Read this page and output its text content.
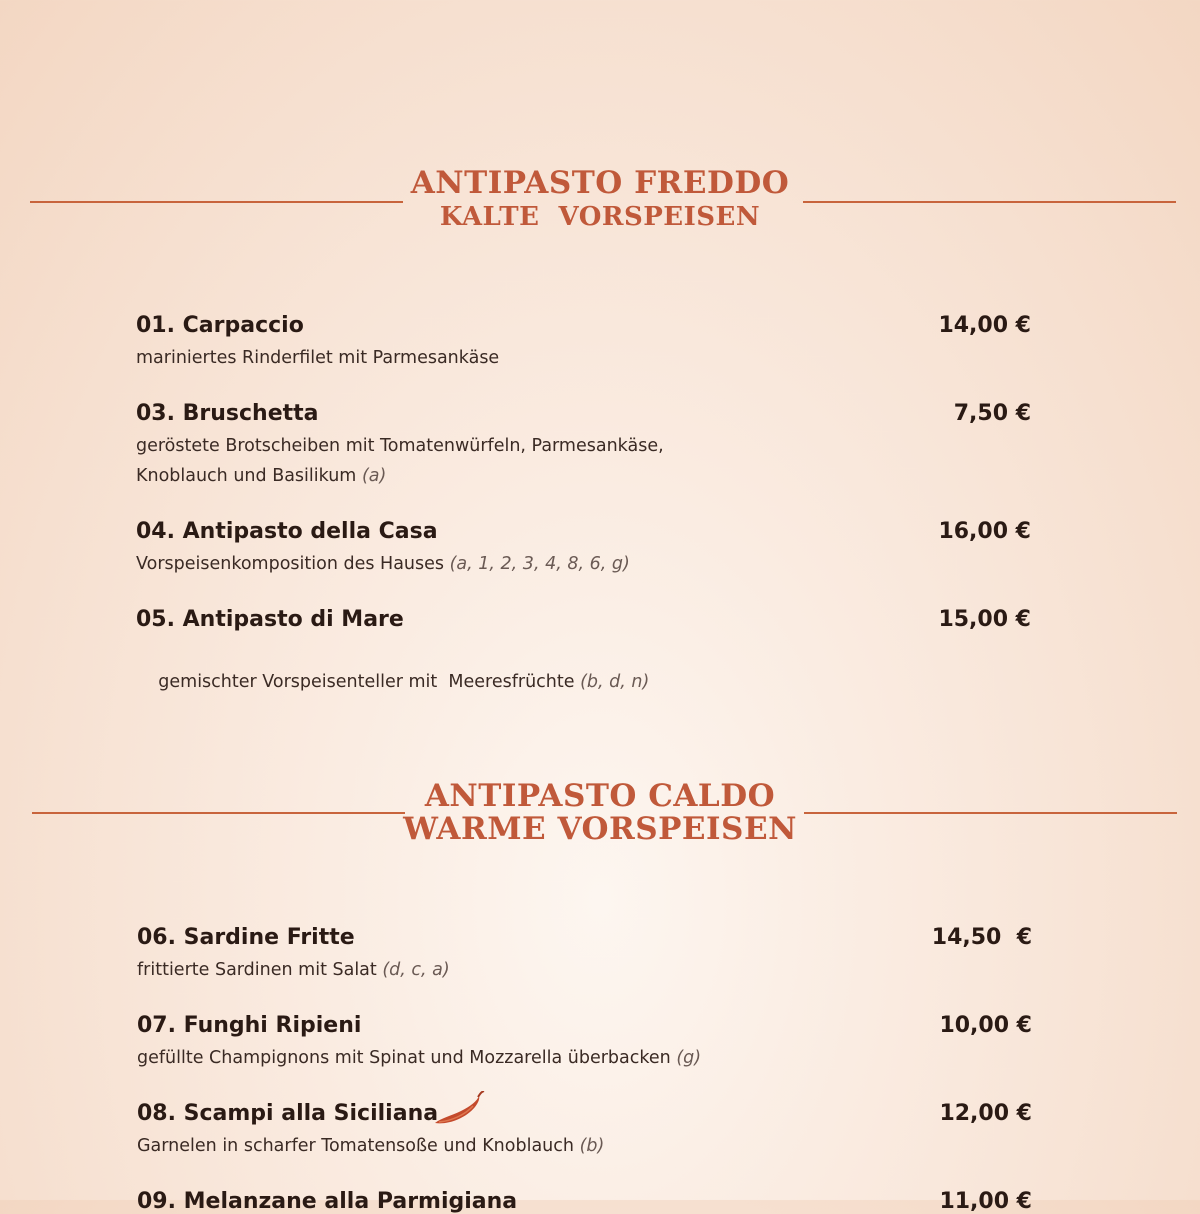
ANTIPASTO FREDDO
KALTE  VORSPEISEN
01. Carpaccio	14,00 €
mariniertes Rinderfilet mit Parmesankäse
03. Bruschetta	7,50 €
geröstete Brotscheiben mit Tomatenwürfeln, Parmesankäse,
Knoblauch und Basilikum (a)
04. Antipasto della Casa	16,00 €
Vorspeisenkomposition des Hauses (a, 1, 2, 3, 4, 8, 6, g)
05. Antipasto di Mare	15,00 €

gemischter Vorspeisenteller mit  Meeresfrüchte (b, d, n)

ANTIPASTO CALDO
WARME VORSPEISEN
06. Sardine Fritte	14,50  €
frittierte Sardinen mit Salat (d, c, a)
07. Funghi Ripieni	10,00 €
gefüllte Champignons mit Spinat und Mozzarella überbacken (g)
08. Scampi alla Siciliana	12,00 €
Garnelen in scharfer Tomatensoße und Knoblauch (b)
09. Melanzane alla Parmigiana	11,00 €
